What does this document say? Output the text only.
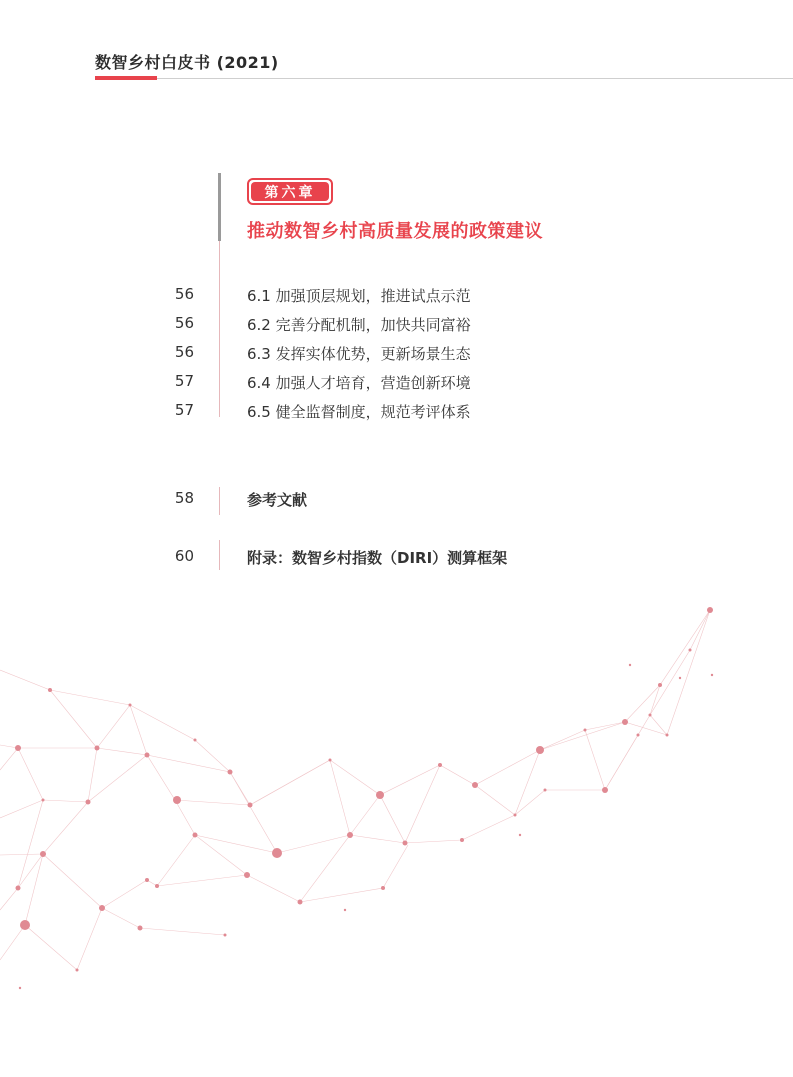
数智乡村白皮书 (2021)
第六章
推动数智乡村高质量发展的政策建议
56	6.1 加强顶层规划，推进试点示范
56	6.2 完善分配机制，加快共同富裕
56	6.3 发挥实体优势，更新场景生态
57	6.4 加强人才培育，营造创新环境
57	6.5 健全监督制度，规范考评体系
58	参考文献
60	附录：数智乡村指数（DIRI）测算框架
